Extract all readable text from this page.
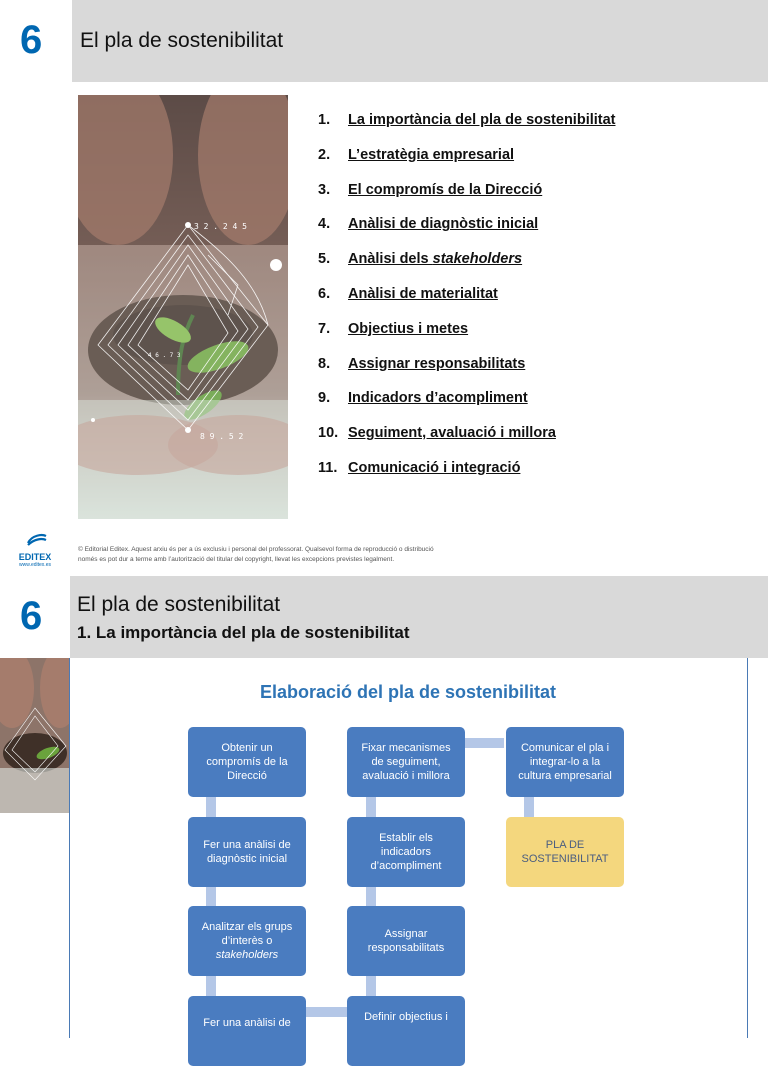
6 El pla de sostenibilitat
3 2 . 2 4 5
4 6 . 7 3
8 9 . 5 2
1.	La importància del pla de sostenibilitat
2.	L’estratègia empresarial
3.	El compromís de la Direcció
4.	Anàlisi de diagnòstic inicial
5.	Anàlisi dels stakeholders
6.	Anàlisi de materialitat
7.	Objectius i metes
8.	Assignar responsabilitats
9.	Indicadors d’acompliment
10. Seguiment, avaluació i millora
11. Comunicació i integració
EDITEX
www.editex.es
© Editorial Editex. Aquest arxiu és per a ús exclusiu i personal del professorat. Qualsevol forma de reproducció o distribució
només es pot dur a terme amb l’autorització del titular del copyright, llevat les excepcions previstes legalment.
6 El pla de sostenibilitat
1. La importància del pla de sostenibilitat
Elaboració del pla de sostenibilitat
Obtenir un compromís de la Direcció
Fer una anàlisi de diagnòstic inicial
Analitzar els grups d’interès o stakeholders
Fer una anàlisi de
Fixar mecanismes de seguiment, avaluació i millora
Establir els indicadors d’acompliment
Assignar responsabilitats
Definir objectius i
Comunicar el pla i integrar-lo a la cultura empresarial
PLA DE SOSTENIBILITAT
